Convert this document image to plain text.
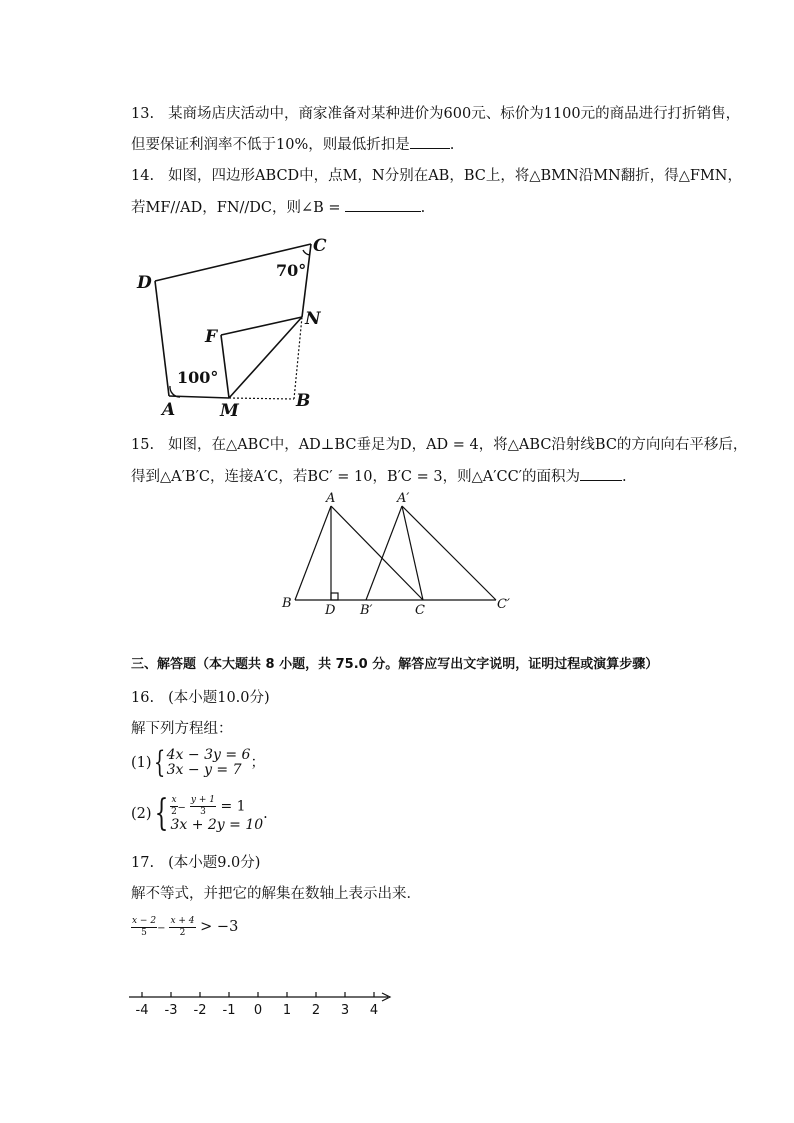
13. 某商场店庆活动中，商家准备对某种进价为600元、标价为1100元的商品进行打折销售，
但要保证利润率不低于10%，则最低折扣是	.
14. 如图，四边形ABCD中，点M，N分别在AB，BC上，将△BMN沿MN翻折，得△FMN，
若MF//AD，FN//DC，则∠B =	.
D
C
F
N
A	M	B
100°
70°
15. 如图，在△ABC中，AD⊥BC垂足为D，AD = 4，将△ABC沿射线BC的方向向右平移后，
得到△A′B′C，连接A′C，若BC′ = 10，B′C = 3，则△A′CC′的面积为	.
A	A′
B	D B′	C	C′
三、解答题（本大题共 8 小题，共 75.0 分。解答应写出文字说明，证明过程或演算步骤）
16. (本小题10.0分)
解下列方程组：
(1){ 4x − 3y = 6
3x − y = 7 ；
$(2)\{ \frac{x}{2} - \frac{y + 1}{3} = 1$
3x + 2y = 10
.
17. (本小题9.0分)
解不等式，并把它的解集在数轴上表示出来．
$\frac{x - 2}{5} - \frac{x + 4}{2} > -3$
-4 -3 -2 -1 0 1 2 3 4
